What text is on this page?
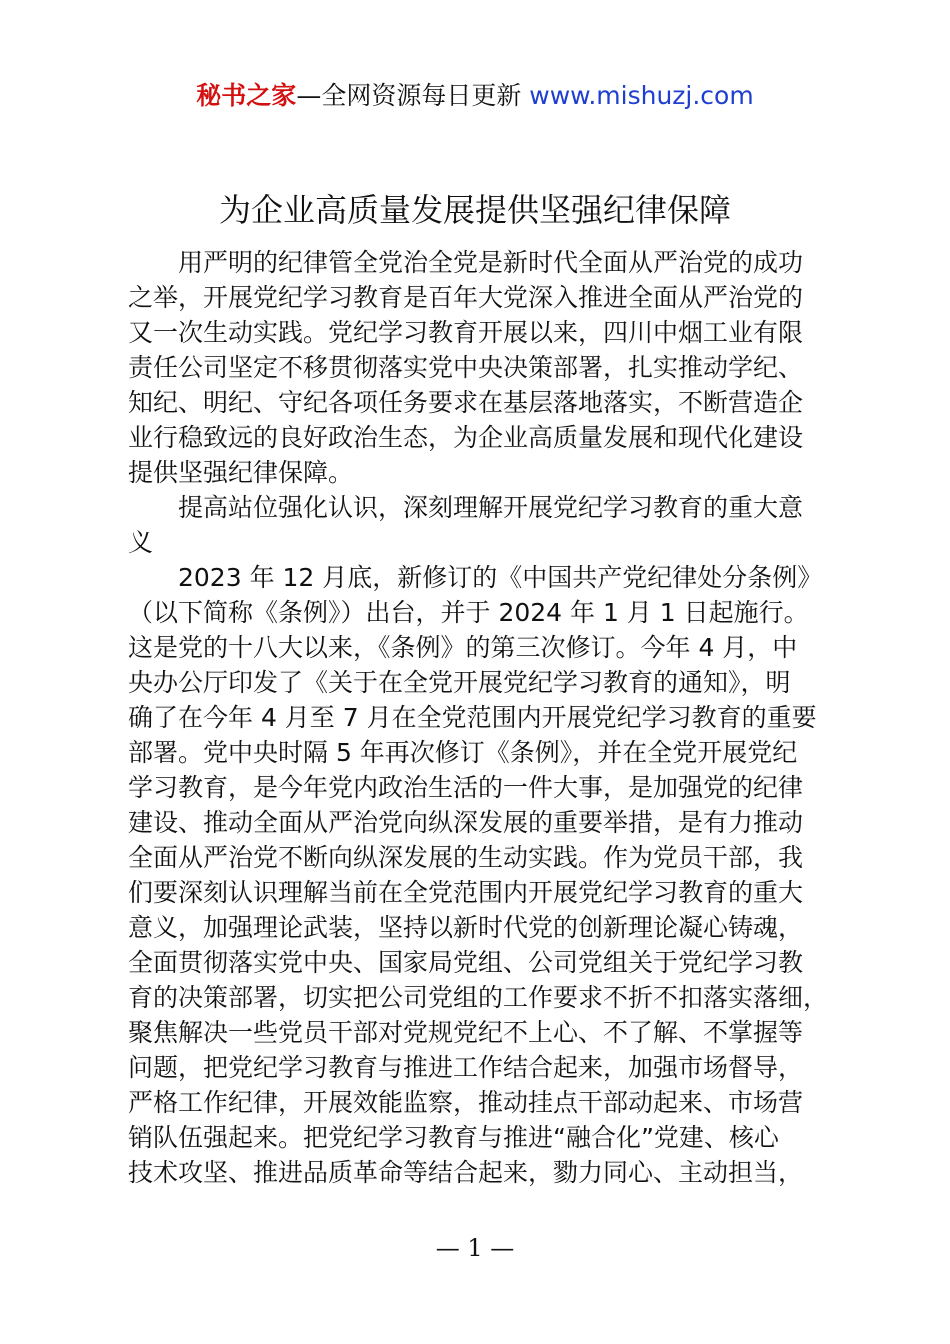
秘书之家—全网资源每日更新 www.mishuzj.com
为企业高质量发展提供坚强纪律保障

用严明的纪律管全党治全党是新时代全面从严治党的成功
之举，开展党纪学习教育是百年大党深入推进全面从严治党的
又一次生动实践。党纪学习教育开展以来，四川中烟工业有限
责任公司坚定不移贯彻落实党中央决策部署，扎实推动学纪、
知纪、明纪、守纪各项任务要求在基层落地落实，不断营造企
业行稳致远的良好政治生态，为企业高质量发展和现代化建设
提供坚强纪律保障。

提高站位强化认识，深刻理解开展党纪学习教育的重大意
义

2023 年 12 月底，新修订的《中国共产党纪律处分条例》
（以下简称《条例》）出台，并于 2024 年 1 月 1 日起施行。
这是党的十八大以来，《条例》的第三次修订。今年 4 月，中
央办公厅印发了《关于在全党开展党纪学习教育的通知》，明
确了在今年 4 月至 7 月在全党范围内开展党纪学习教育的重要
部署。党中央时隔 5 年再次修订《条例》，并在全党开展党纪
学习教育，是今年党内政治生活的一件大事，是加强党的纪律
建设、推动全面从严治党向纵深发展的重要举措，是有力推动
全面从严治党不断向纵深发展的生动实践。作为党员干部，我
们要深刻认识理解当前在全党范围内开展党纪学习教育的重大
意义，加强理论武装，坚持以新时代党的创新理论凝心铸魂，
全面贯彻落实党中央、国家局党组、公司党组关于党纪学习教
育的决策部署，切实把公司党组的工作要求不折不扣落实落细，
聚焦解决一些党员干部对党规党纪不上心、不了解、不掌握等
问题，把党纪学习教育与推进工作结合起来，加强市场督导，
严格工作纪律，开展效能监察，推动挂点干部动起来、市场营
销队伍强起来。把党纪学习教育与推进“融合化”党建、核心
技术攻坚、推进品质革命等结合起来，勠力同心、主动担当，

— 1 —
